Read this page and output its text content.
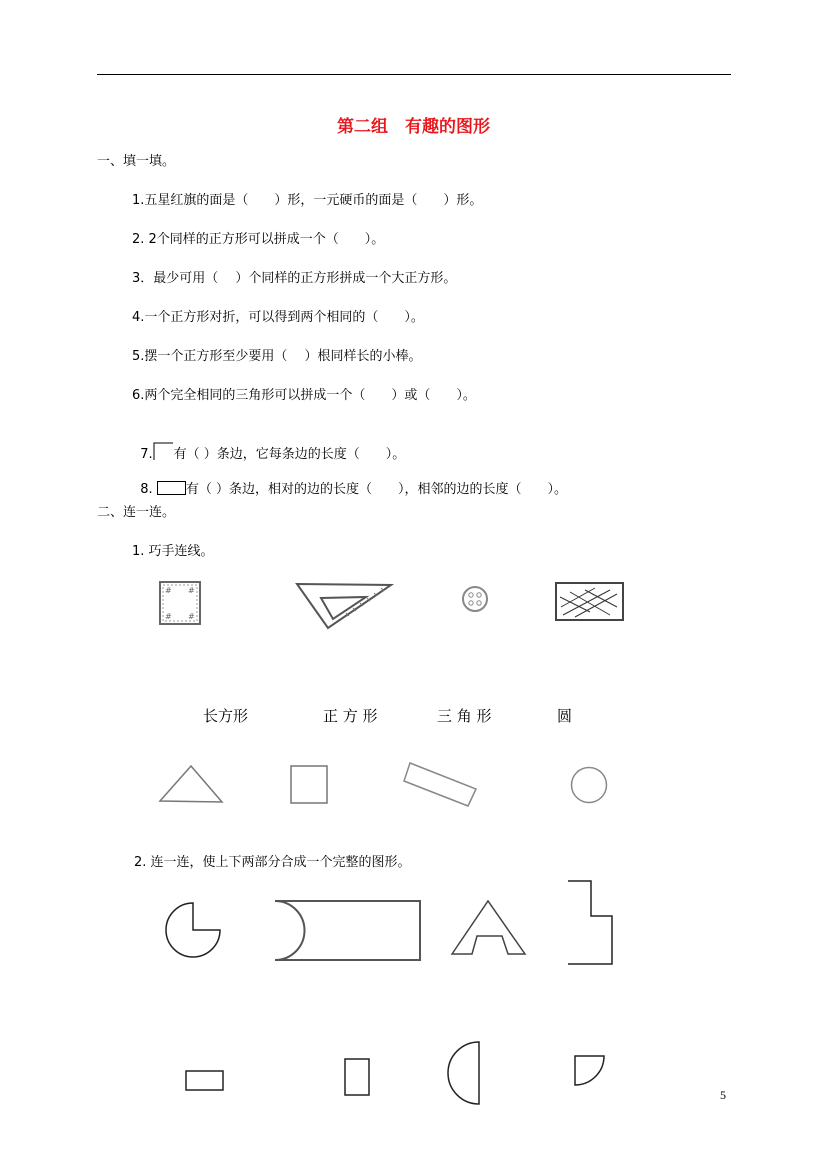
第二组　有趣的图形
一、填一填。
1.五星红旗的面是（　　）形，一元硬币的面是（　　）形。
2. 2个同样的正方形可以拼成一个（　　）。
3．最少可用（　 ）个同样的正方形拼成一个大正方形。
4.一个正方形对折，可以得到两个相同的（　　）。
5.摆一个正方形至少要用（　 ）根同样长的小棒。
6.两个完全相同的三角形可以拼成一个（　　）或（　　）。

7. 有（ ）条边，它每条边的长度（　　）。

8. 有（ ）条边，相对的边的长度（　　），相邻的边的长度（　　）。

二、连一连。
1. 巧手连线。
# #
# #
长方形	正 方 形	三 角 形	圆
2. 连一连，使上下两部分合成一个完整的图形。
5
